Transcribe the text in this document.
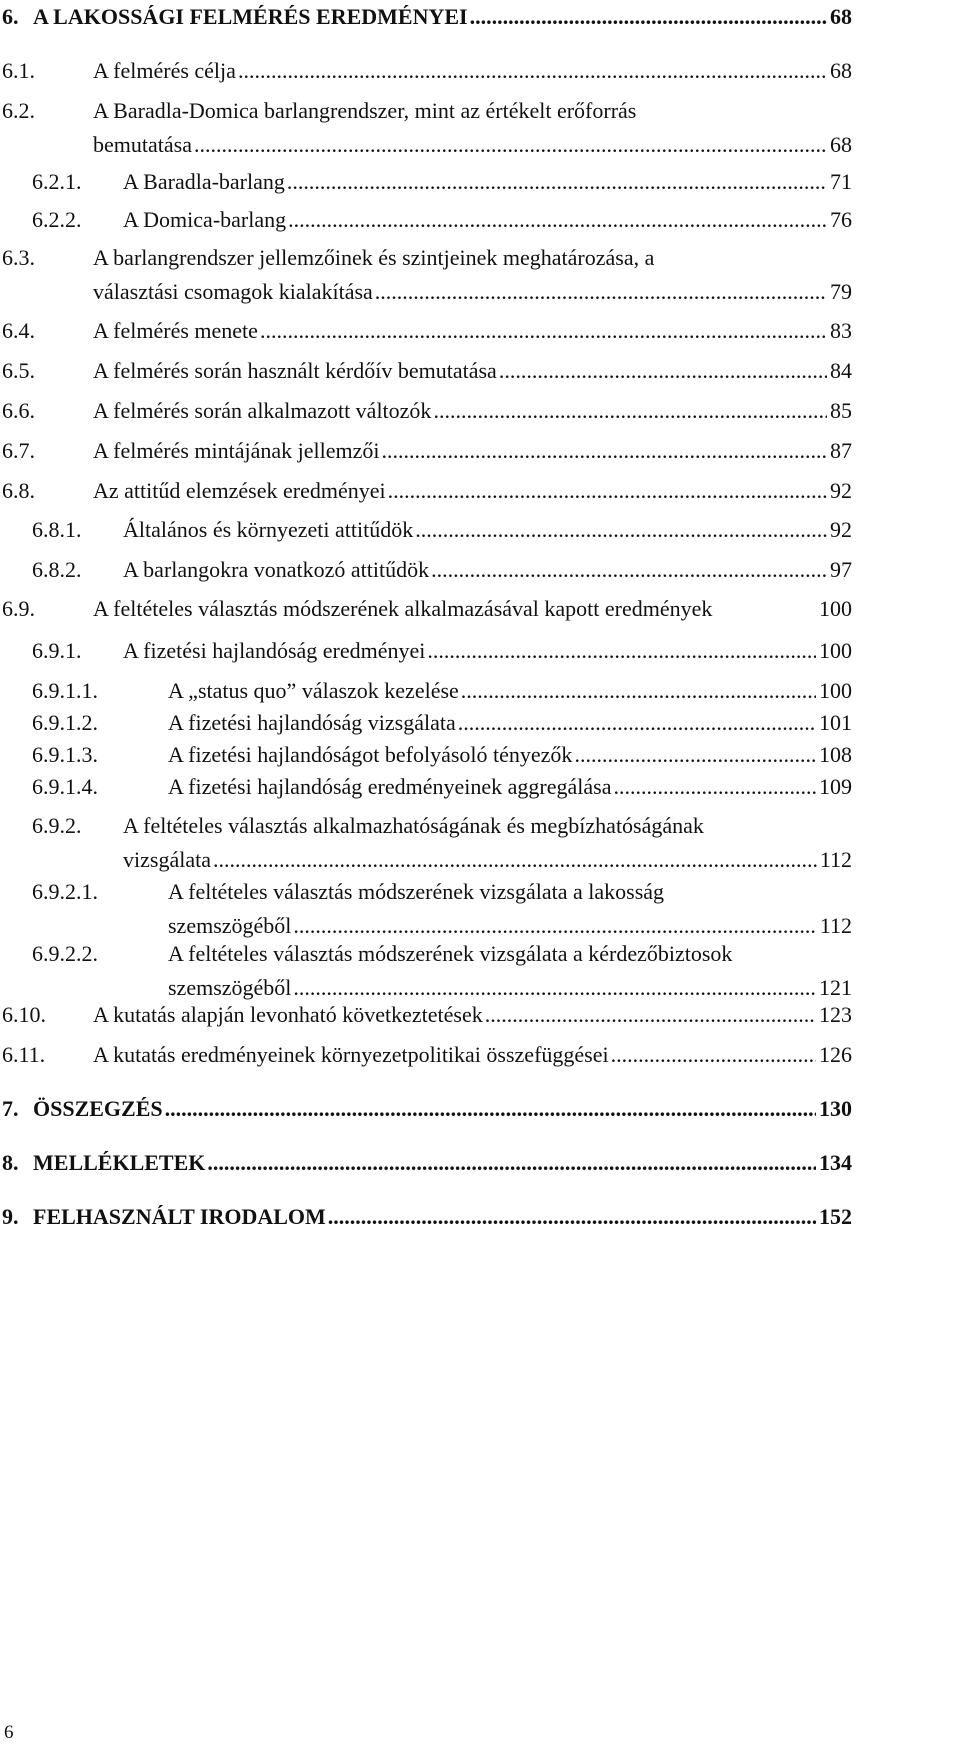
6. A LAKOSSÁGI FELMÉRÉS EREDMÉNYEI .....	68
6.1.	A felmérés célja .....	68
6.2.	A Baradla-Domica barlangrendszer, mint az értékelt erőforrás
bemutatása .....	68
6.2.1. A Baradla-barlang .....	71
6.2.2. A Domica-barlang .....	76
6.3.	A barlangrendszer jellemzőinek és szintjeinek meghatározása, a
választási csomagok kialakítása .....	79
6.4.	A felmérés menete .....	83
6.5.	A felmérés során használt kérdőív bemutatása .....	84
6.6.	A felmérés során alkalmazott változók .....	85
6.7.	A felmérés mintájának jellemzői .....	87
6.8.	Az attitűd elemzések eredményei .....	92
6.8.1. Általános és környezeti attitűdök .....	92
6.8.2. A barlangokra vonatkozó attitűdök .....	97
6.9.	A feltételes választás módszerének alkalmazásával kapott eredmények	100
6.9.1. A fizetési hajlandóság eredményei .....	100
6.9.1.1.	A „status quo” válaszok kezelése .....	100
6.9.1.2.	A fizetési hajlandóság vizsgálata .....	101
6.9.1.3.	A fizetési hajlandóságot befolyásoló tényezők .....	108
6.9.1.4.	A fizetési hajlandóság eredményeinek aggregálása .....	109
6.9.2. A feltételes választás alkalmazhatóságának és megbízhatóságának
vizsgálata .....	112
6.9.2.1.	A feltételes választás módszerének vizsgálata a lakosság
szemszögéből .....	112
6.9.2.2.	A feltételes választás módszerének vizsgálata a kérdezőbiztosok
szemszögéből .....	121
6.10. A kutatás alapján levonható következtetések .....	123
6.11. A kutatás eredményeinek környezetpolitikai összefüggései .....	126
7. ÖSSZEGZÉS .....	130
8. MELLÉKLETEK .....	134
9. FELHASZNÁLT IRODALOM .....	152
6
